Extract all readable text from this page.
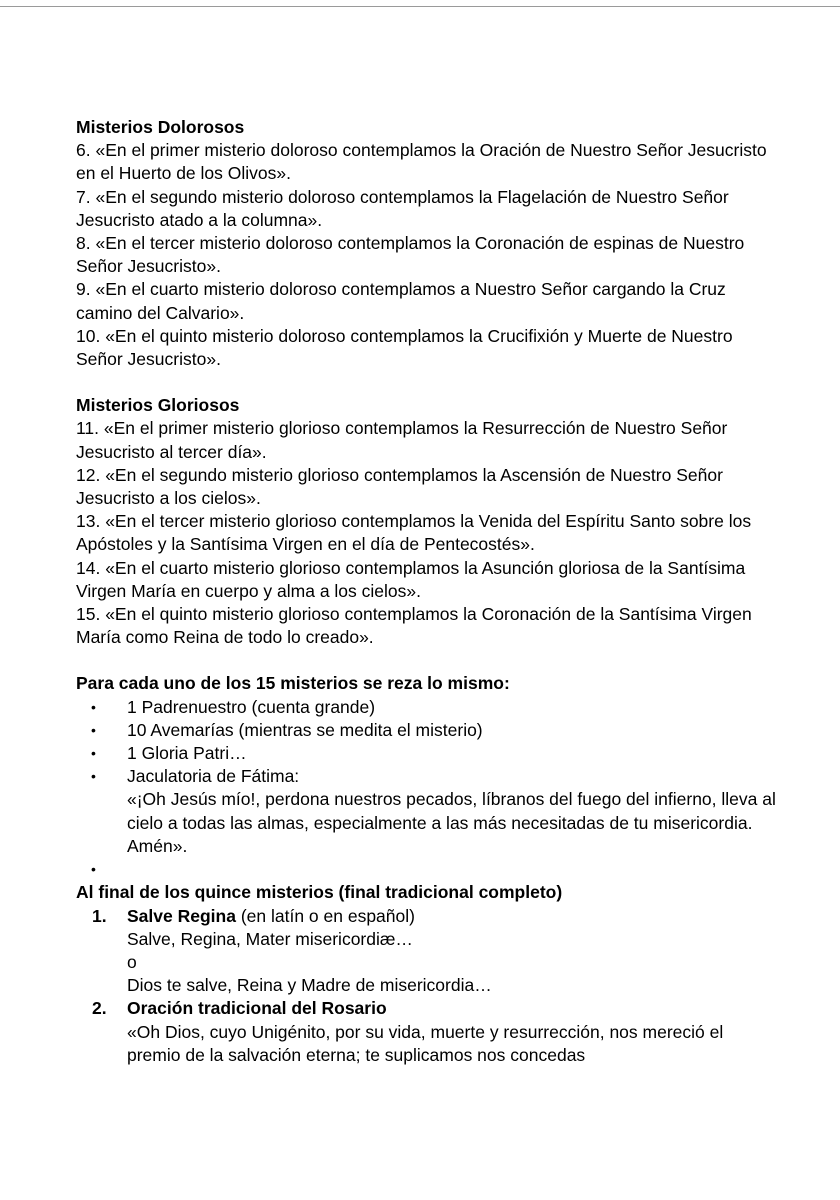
Misterios Dolorosos

6. «En el primer misterio doloroso contemplamos la Oración de Nuestro Señor Jesucristo en el Huerto de los Olivos».

7. «En el segundo misterio doloroso contemplamos la Flagelación de Nuestro Señor Jesucristo atado a la columna».

8. «En el tercer misterio doloroso contemplamos la Coronación de espinas de Nuestro Señor Jesucristo».

9. «En el cuarto misterio doloroso contemplamos a Nuestro Señor cargando la Cruz camino del Calvario».

10. «En el quinto misterio doloroso contemplamos la Crucifixión y Muerte de Nuestro Señor Jesucristo».

Misterios Gloriosos

11. «En el primer misterio glorioso contemplamos la Resurrección de Nuestro Señor Jesucristo al tercer día».

12. «En el segundo misterio glorioso contemplamos la Ascensión de Nuestro Señor Jesucristo a los cielos».

13. «En el tercer misterio glorioso contemplamos la Venida del Espíritu Santo sobre los Apóstoles y la Santísima Virgen en el día de Pentecostés».

14. «En el cuarto misterio glorioso contemplamos la Asunción gloriosa de la Santísima Virgen María en cuerpo y alma a los cielos».

15. «En el quinto misterio glorioso contemplamos la Coronación de la Santísima Virgen María como Reina de todo lo creado».

Para cada uno de los 15 misterios se reza lo mismo:

• 1 Padrenuestro (cuenta grande)
• 10 Avemarías (mientras se medita el misterio)
• 1 Gloria Patri…
• Jaculatoria de Fátima:
«¡Oh Jesús mío!, perdona nuestros pecados, líbranos del fuego del infierno, lleva al cielo a todas las almas, especialmente a las más necesitadas de tu misericordia. Amén».
•

Al final de los quince misterios (final tradicional completo)

1. Salve Regina (en latín o en español)
Salve, Regina, Mater misericordiæ…
o
Dios te salve, Reina y Madre de misericordia…
2. Oración tradicional del Rosario
«Oh Dios, cuyo Unigénito, por su vida, muerte y resurrección, nos mereció el premio de la salvación eterna; te suplicamos nos concedas
